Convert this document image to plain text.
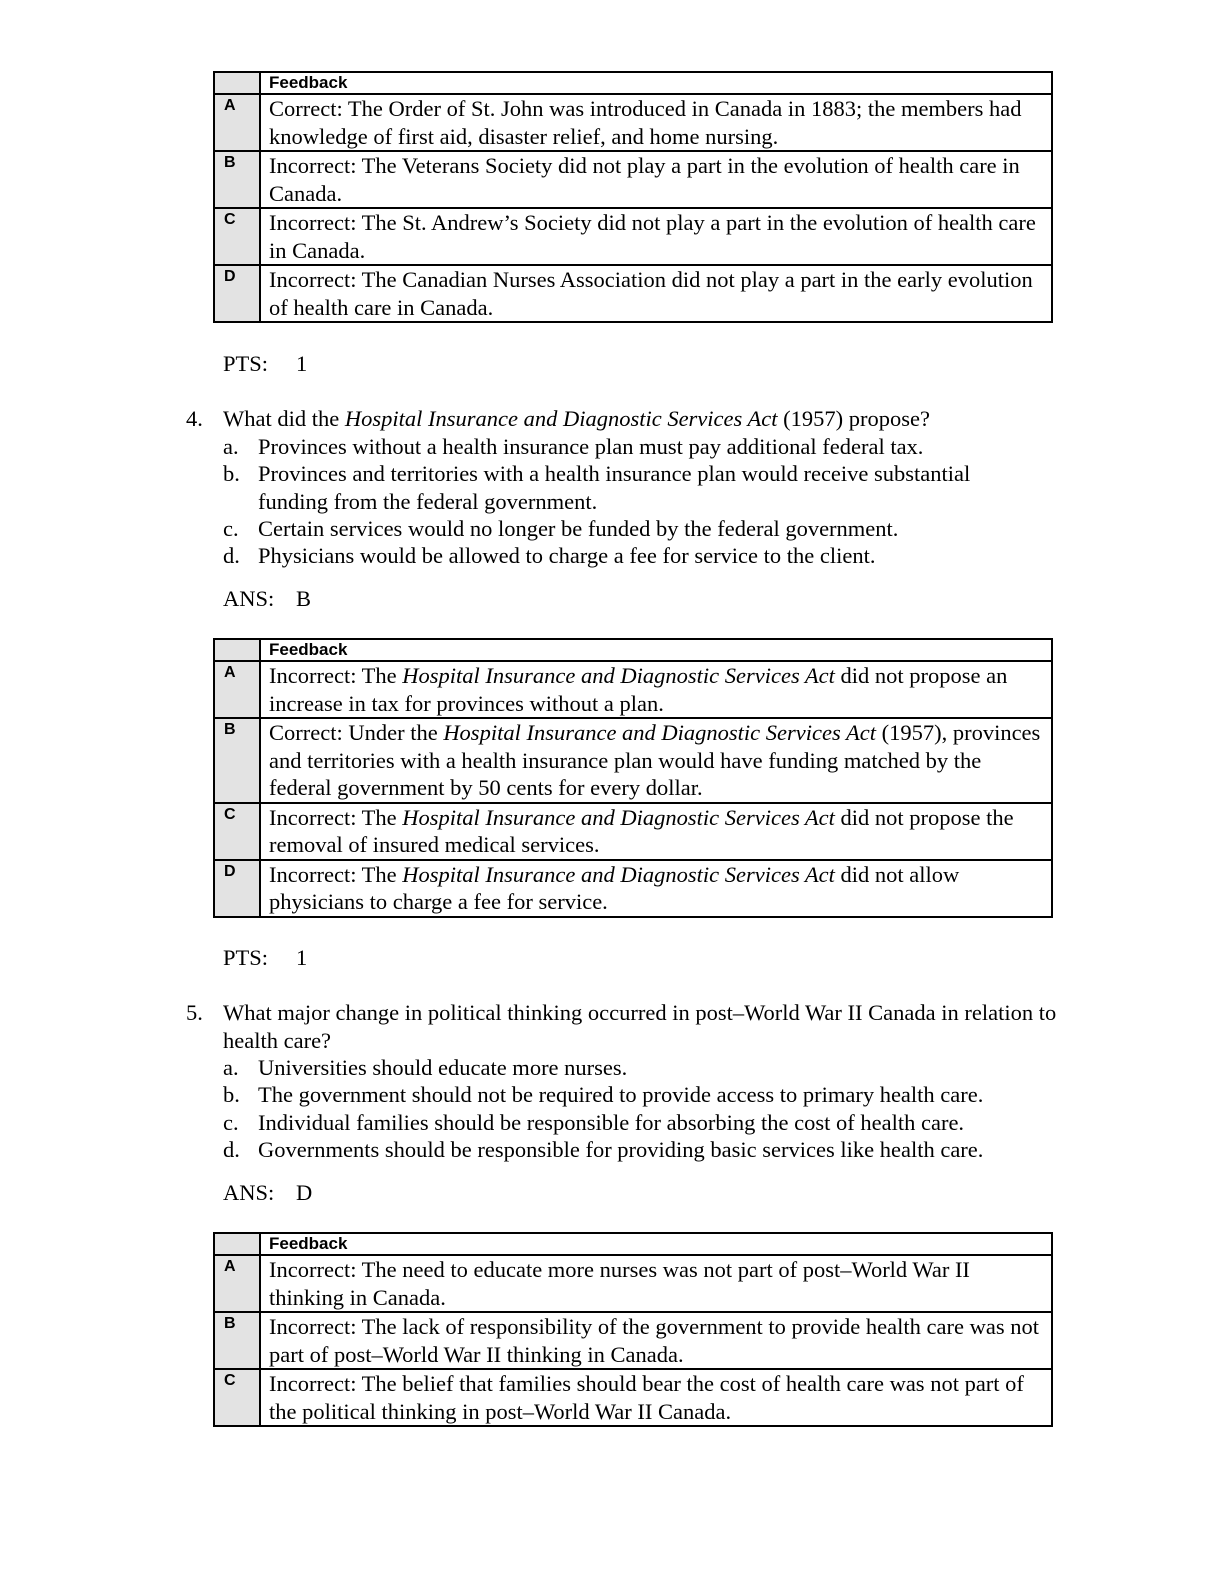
	Feedback
A	Correct: The Order of St. John was introduced in Canada in 1883; the members had knowledge of first aid, disaster relief, and home nursing.
B	Incorrect: The Veterans Society did not play a part in the evolution of health care in Canada.
C	Incorrect: The St. Andrew’s Society did not play a part in the evolution of health care in Canada.
D	Incorrect: The Canadian Nurses Association did not play a part in the early evolution of health care in Canada.
PTS: 1
4. What did the Hospital Insurance and Diagnostic Services Act (1957) propose?
a. Provinces without a health insurance plan must pay additional federal tax.
b. Provinces and territories with a health insurance plan would receive substantial funding from the federal government.
c. Certain services would no longer be funded by the federal government.
d. Physicians would be allowed to charge a fee for service to the client.
ANS: B
	Feedback
A	Incorrect: The Hospital Insurance and Diagnostic Services Act did not propose an increase in tax for provinces without a plan.
B	Correct: Under the Hospital Insurance and Diagnostic Services Act (1957), provinces and territories with a health insurance plan would have funding matched by the federal government by 50 cents for every dollar.
C	Incorrect: The Hospital Insurance and Diagnostic Services Act did not propose the removal of insured medical services.
D	Incorrect: The Hospital Insurance and Diagnostic Services Act did not allow physicians to charge a fee for service.
PTS: 1
5. What major change in political thinking occurred in post–World War II Canada in relation to health care?
a. Universities should educate more nurses.
b. The government should not be required to provide access to primary health care.
c. Individual families should be responsible for absorbing the cost of health care.
d. Governments should be responsible for providing basic services like health care.
ANS: D
	Feedback
A	Incorrect: The need to educate more nurses was not part of post–World War II thinking in Canada.
B	Incorrect: The lack of responsibility of the government to provide health care was not part of post–World War II thinking in Canada.
C	Incorrect: The belief that families should bear the cost of health care was not part of the political thinking in post–World War II Canada.
